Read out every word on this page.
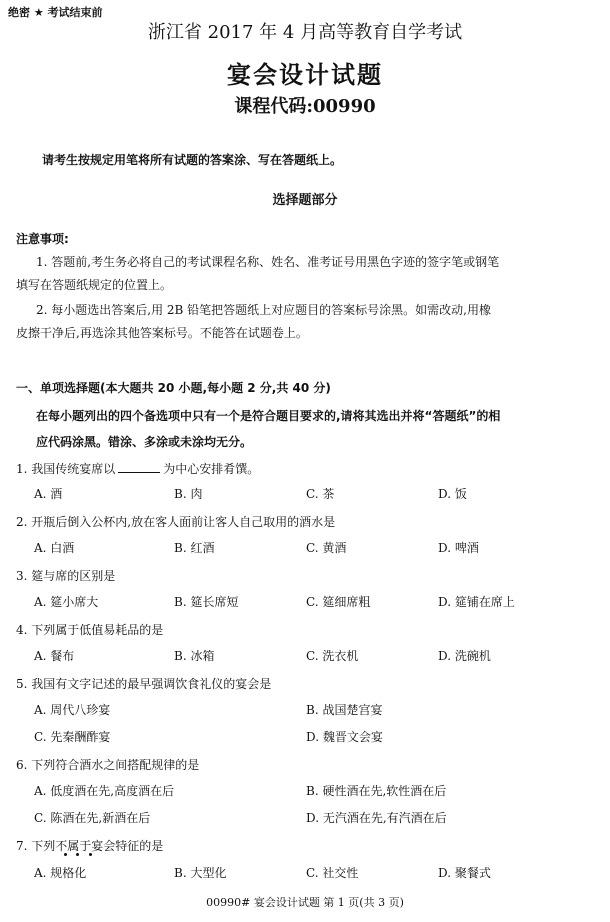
绝密 ★ 考试结束前
浙江省 2017 年 4 月高等教育自学考试
宴会设计试题
课程代码:00990
请考生按规定用笔将所有试题的答案涂、写在答题纸上。
选择题部分
注意事项:
1. 答题前,考生务必将自己的考试课程名称、姓名、准考证号用黑色字迹的签字笔或钢笔
填写在答题纸规定的位置上。
2. 每小题选出答案后,用 2B 铅笔把答题纸上对应题目的答案标号涂黑。如需改动,用橡
皮擦干净后,再选涂其他答案标号。不能答在试题卷上。
一、单项选择题(本大题共 20 小题,每小题 2 分,共 40 分)
在每小题列出的四个备选项中只有一个是符合题目要求的,请将其选出并将“答题纸”的相
应代码涂黑。错涂、多涂或未涂均无分。
1. 我国传统宴席以	为中心安排肴馔。
A. 酒	B. 肉	C. 茶	D. 饭
2. 开瓶后倒入公杯内,放在客人面前让客人自己取用的酒水是
A. 白酒	B. 红酒	C. 黄酒	D. 啤酒
3. 筵与席的区别是
A. 筵小席大	B. 筵长席短	C. 筵细席粗	D. 筵铺在席上
4. 下列属于低值易耗品的是
A. 餐布	B. 冰箱	C. 洗衣机	D. 洗碗机
5. 我国有文字记述的最早强调饮食礼仪的宴会是
A. 周代八珍宴	B. 战国楚宫宴
C. 先秦酬酢宴	D. 魏晋文会宴
6. 下列符合酒水之间搭配规律的是
A. 低度酒在先,高度酒在后	B. 硬性酒在先,软性酒在后
C. 陈酒在先,新酒在后	D. 无汽酒在先,有汽酒在后
7. 下列不属于宴会特征的是
A. 规格化	B. 大型化	C. 社交性	D. 聚餐式
00990# 宴会设计试题 第 1 页(共 3 页)
